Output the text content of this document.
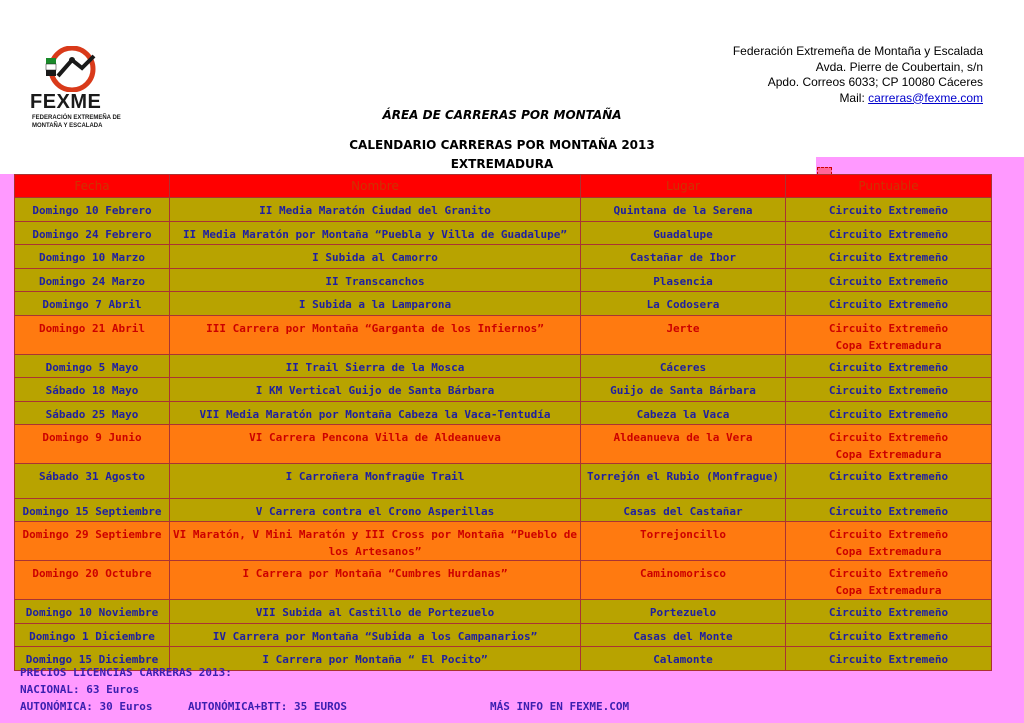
FEXME
FEDERACIÓN EXTREMEÑA DE MONTAÑA Y ESCALADA
Federación Extremeña de Montaña y Escalada
Avda. Pierre de Coubertain, s/n
Apdo. Correos 6033; CP 10080 Cáceres
Mail: carreras@fexme.com
ÁREA DE CARRERAS POR MONTAÑA
CALENDARIO CARRERAS POR MONTAÑA 2013
EXTREMADURA
Fecha	Nombre	Lugar	Puntuable
Domingo 10 Febrero	II Media Maratón Ciudad del Granito	Quintana de la Serena	Circuito Extremeño

Domingo 24 Febrero	II Media Maratón por Montaña “Puebla y Villa de Guadalupe”	Guadalupe	Circuito Extremeño

Domingo 10 Marzo	I Subida al Camorro	Castañar de Ibor	Circuito Extremeño

Domingo 24 Marzo	II Transcanchos	Plasencia	Circuito Extremeño

Domingo 7 Abril	I Subida a la Lamparona	La Codosera	Circuito Extremeño

Domingo 21 Abril	III Carrera por Montaña “Garganta de los Infiernos”	Jerte	Circuito Extremeño
Copa Extremadura

Domingo 5 Mayo	II Trail Sierra de la Mosca	Cáceres	Circuito Extremeño

Sábado 18 Mayo	I KM Vertical Guijo de Santa Bárbara	Guijo de Santa Bárbara	Circuito Extremeño

Sábado 25 Mayo	VII Media Maratón por Montaña Cabeza la Vaca-Tentudía	Cabeza la Vaca	Circuito Extremeño

Domingo 9 Junio	VI Carrera Pencona Villa de Aldeanueva	Aldeanueva de la Vera	Circuito Extremeño
Copa Extremadura

Sábado 31 Agosto	I Carroñera Monfragüe Trail	Torrejón el Rubio (Monfrague)	Circuito Extremeño

Domingo 15 Septiembre	V Carrera contra el Crono Asperillas	Casas del Castañar	Circuito Extremeño

Domingo 29 Septiembre	VI Maratón, V Mini Maratón y III Cross por Montaña “Pueblo de los Artesanos”	Torrejoncillo	Circuito Extremeño
Copa Extremadura

Domingo 20 Octubre	I Carrera por Montaña “Cumbres Hurdanas”	Caminomorisco	Circuito Extremeño
Copa Extremadura

Domingo 10 Noviembre	VII Subida al Castillo de Portezuelo	Portezuelo	Circuito Extremeño

Domingo 1 Diciembre	IV Carrera por Montaña “Subida a los Campanarios”	Casas del Monte	Circuito Extremeño

Domingo 15 Diciembre	I Carrera por Montaña “ El Pocito”	Calamonte	Circuito Extremeño
PRECIOS LICENCIAS CARRERAS 2013:
NACIONAL: 63 Euros
AUTONÓMICA: 30 Euros	AUTONÓMICA+BTT: 35 EUROS	MÁS INFO EN FEXME.COM
